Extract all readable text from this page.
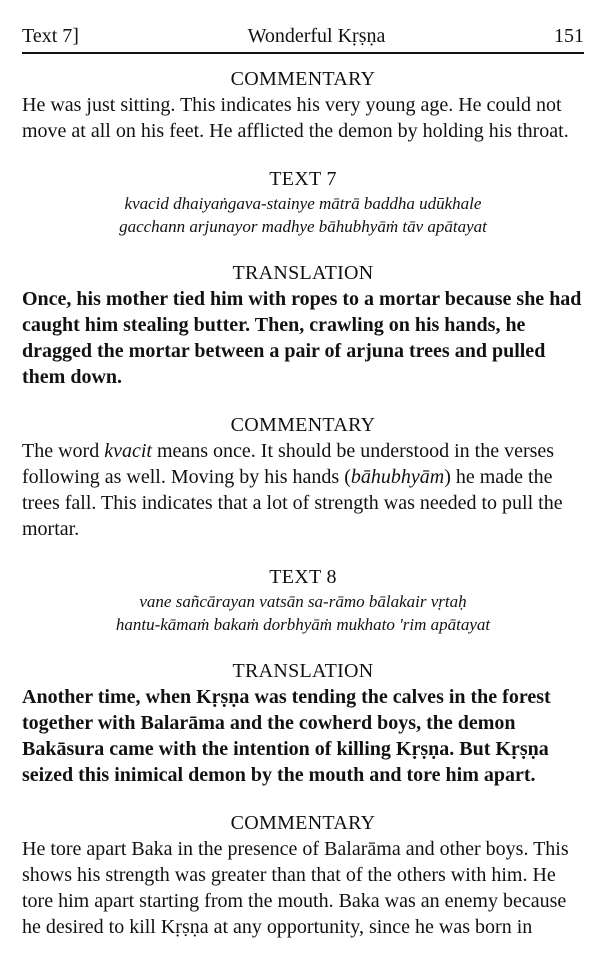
Text 7]	Wonderful Kṛṣṇa	151
COMMENTARY

He was just sitting. This indicates his very young age. He could not move at all on his feet. He afflicted the demon by holding his throat.

TEXT 7

kvacid dhaiyaṅgava-stainye mātrā baddha udūkhale

gacchann arjunayor madhye bāhubhyāṁ tāv apātayat

TRANSLATION

Once, his mother tied him with ropes to a mortar because she had caught him stealing butter. Then, crawling on his hands, he dragged the mortar between a pair of arjuna trees and pulled them down.

COMMENTARY

The word kvacit means once. It should be understood in the verses following as well. Moving by his hands (bāhubhyām) he made the trees fall. This indicates that a lot of strength was needed to pull the mortar.

TEXT 8

vane sañcārayan vatsān sa-rāmo bālakair vṛtaḥ

hantu-kāmaṁ bakaṁ dorbhyāṁ mukhato 'rim apātayat

TRANSLATION

Another time, when Kṛṣṇa was tending the calves in the forest together with Balarāma and the cowherd boys, the demon Bakāsura came with the intention of killing Kṛṣṇa. But Kṛṣṇa seized this inimical demon by the mouth and tore him apart.

COMMENTARY

He tore apart Baka in the presence of Balarāma and other boys. This shows his strength was greater than that of the others with him. He tore him apart starting from the mouth. Baka was an enemy because he desired to kill Kṛṣṇa at any opportunity, since he was born in
